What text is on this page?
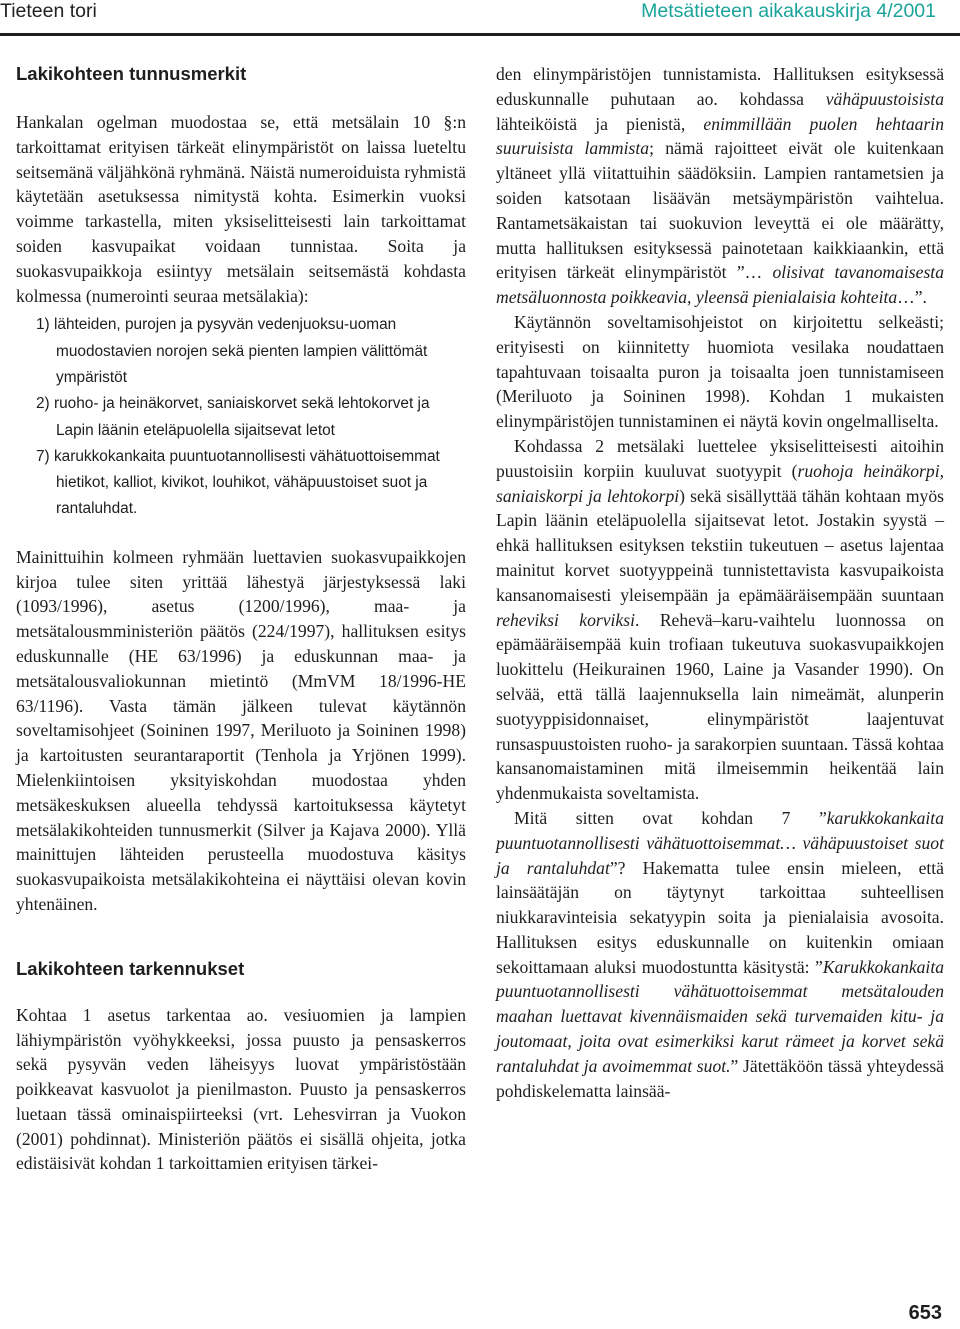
Tieteen tori	Metsätieteen aikakauskirja 4/2001
Lakikohteen tunnusmerkit

Hankalan ogelman muodostaa se, että metsälain 10 §:n tarkoittamat erityisen tärkeät elinympäristöt on laissa lueteltu seitsemänä väljähkönä ryhmänä. Näistä numeroiduista ryhmistä käytetään asetuksessa nimitystä kohta. Esimerkin vuoksi voimme tarkastella, miten yksiselitteisesti lain tarkoittamat soiden kasvupaikat voidaan tunnistaa. Soita ja suokasvupaikkoja esiintyy metsälain seitsemästä kohdasta kolmessa (numerointi seuraa metsälakia):

1) lähteiden, purojen ja pysyvän vedenjuoksu-uoman muodostavien norojen sekä pienten lampien välittömät ympäristöt
2) ruoho- ja heinäkorvet, saniaiskorvet sekä lehtokorvet ja Lapin läänin eteläpuolella sijaitsevat letot
7) karukkokankaita puuntuotannollisesti vähätuottoisemmat hietikot, kalliot, kivikot, louhikot, vähäpuustoiset suot ja rantaluhdat.

Mainittuihin kolmeen ryhmään luettavien suokasvupaikkojen kirjoa tulee siten yrittää lähestyä järjestyksessä laki (1093/1996), asetus (1200/1996), maa- ja metsätalousmministeriön päätös (224/1997), hallituksen esitys eduskunnalle (HE 63/1996) ja eduskunnan maa- ja metsätalousvaliokunnan mietintö (MmVM 18/1996-HE 63/1196). Vasta tämän jälkeen tulevat käytännön soveltamisohjeet (Soininen 1997, Meriluoto ja Soininen 1998) ja kartoitusten seurantaraportit (Tenhola ja Yrjönen 1999). Mielenkiintoisen yksityiskohdan muodostaa yhden metsäkeskuksen alueella tehdyssä kartoituksessa käytetyt metsälakikohteiden tunnusmerkit (Silver ja Kajava 2000). Yllä mainittujen lähteiden perusteella muodostuva käsitys suokasvupaikoista metsälakikohteina ei näyttäisi olevan kovin yhtenäinen.

Lakikohteen tarkennukset

Kohtaa 1 asetus tarkentaa ao. vesiuomien ja lampien lähiympäristön vyöhykkeeksi, jossa puusto ja pensaskerros sekä pysyvän veden läheisyys luovat ympäristöstään poikkeavat kasvuolot ja pienilmaston. Puusto ja pensaskerros luetaan tässä ominaispiirteeksi (vrt. Lehesvirran ja Vuokon (2001) pohdinnat). Ministeriön päätös ei sisällä ohjeita, jotka edistäisivät kohdan 1 tarkoittamien erityisen tärkei-

den elinympäristöjen tunnistamista. Hallituksen esityksessä eduskunnalle puhutaan ao. kohdassa vähäpuustoisista lähteiköistä ja pienistä, enimmillään puolen hehtaarin suuruisista lammista; nämä rajoitteet eivät ole kuitenkaan yltäneet yllä viitattuihin säädöksiin. Lampien rantametsien ja soiden katsotaan lisäävän metsäympäristön vaihtelua. Rantametsäkaistan tai suokuvion leveyttä ei ole määrätty, mutta hallituksen esityksessä painotetaan kaikkiaankin, että erityisen tärkeät elinympäristöt ”… olisivat tavanomaisesta metsäluonnosta poikkeavia, yleensä pienialaisia kohteita…”.

Käytännön soveltamisohjeistot on kirjoitettu selkeästi; erityisesti on kiinnitetty huomiota vesilaka noudattaen tapahtuvaan toisaalta puron ja toisaalta joen tunnistamiseen (Meriluoto ja Soininen 1998). Kohdan 1 mukaisten elinympäristöjen tunnistaminen ei näytä kovin ongelmalliselta.

Kohdassa 2 metsälaki luettelee yksiselitteisesti aitoihin puustoisiin korpiin kuuluvat suotyypit (ruohoja heinäkorpi, saniaiskorpi ja lehtokorpi) sekä sisällyttää tähän kohtaan myös Lapin läänin eteläpuolella sijaitsevat letot. Jostakin syystä – ehkä hallituksen esityksen tekstiin tukeutuen – asetus lajentaa mainitut korvet suotyyppeinä tunnistettavista kasvupaikoista kansanomaisesti yleisempään ja epämääräisempään suuntaan reheviksi korviksi. Rehevä–karu-vaihtelu luonnossa on epämääräisempää kuin trofiaan tukeutuva suokasvupaikkojen luokittelu (Heikurainen 1960, Laine ja Vasander 1990). On selvää, että tällä laajennuksella lain nimeämät, alunperin suotyyppisidonnaiset, elinympäristöt laajentuvat runsaspuustoisten ruoho- ja sarakorpien suuntaan. Tässä kohtaa kansanomaistaminen mitä ilmeisemmin heikentää lain yhdenmukaista soveltamista.

Mitä sitten ovat kohdan 7 ”karukkokankaita puuntuotannollisesti vähätuottoisemmat… vähäpuustoiset suot ja rantaluhdat”? Hakemattа tulee ensin mieleen, että lainsäätäjän on täytynyt tarkoittaa suhteellisen niukkaravinteisia sekatyypin soita ja pienialaisia avosoita. Hallituksen esitys eduskunnalle on kuitenkin omiaan sekoittamaan aluksi muodostuntta käsitystä: ”Karukkokankaita puuntuotannollisesti vähätuottoisemmat metsätalouden maahan luettavat kivennäismaiden sekä turvemaiden kitu- ja joutomaat, joita ovat esimerkiksi karut rämeet ja korvet sekä rantaluhdat ja avoimemmat suot.” Jätettäköön tässä yhteydessä pohdiskelematta lainsää-

653
